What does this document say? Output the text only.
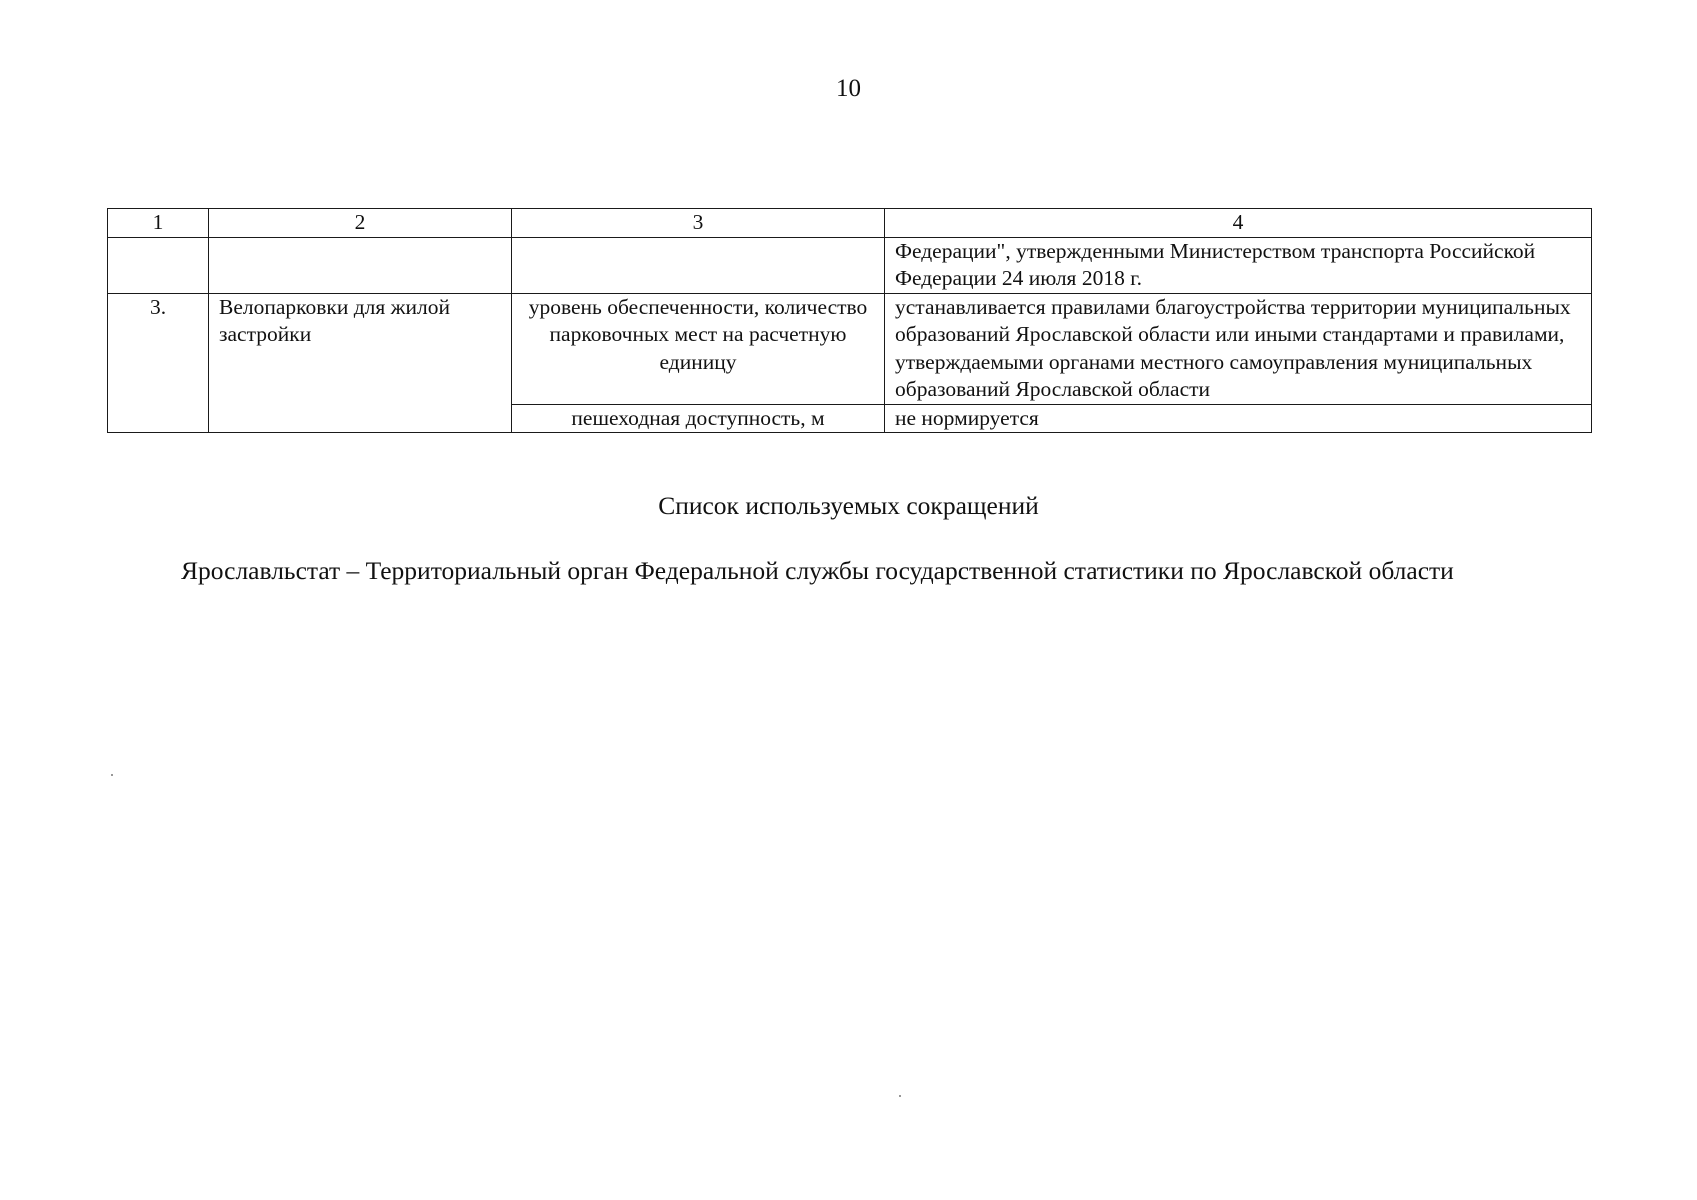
10
1	2	3	4
			Федерации", утвержденными Министерством транспорта Российской Федерации 24 июля 2018 г.
3.	Велопарковки для жилой застройки	уровень обеспеченности, количество парковочных мест на расчетную единицу	устанавливается правилами благоустройства территории муниципальных образований Ярославской области или иными стандартами и правилами, утверждаемыми органами местного самоуправления муниципальных образований Ярославской области
		пешеходная доступность, м	не нормируется
Список используемых сокращений

Ярославльстат – Территориальный орган Федеральной службы государственной статистики по Ярославской области
